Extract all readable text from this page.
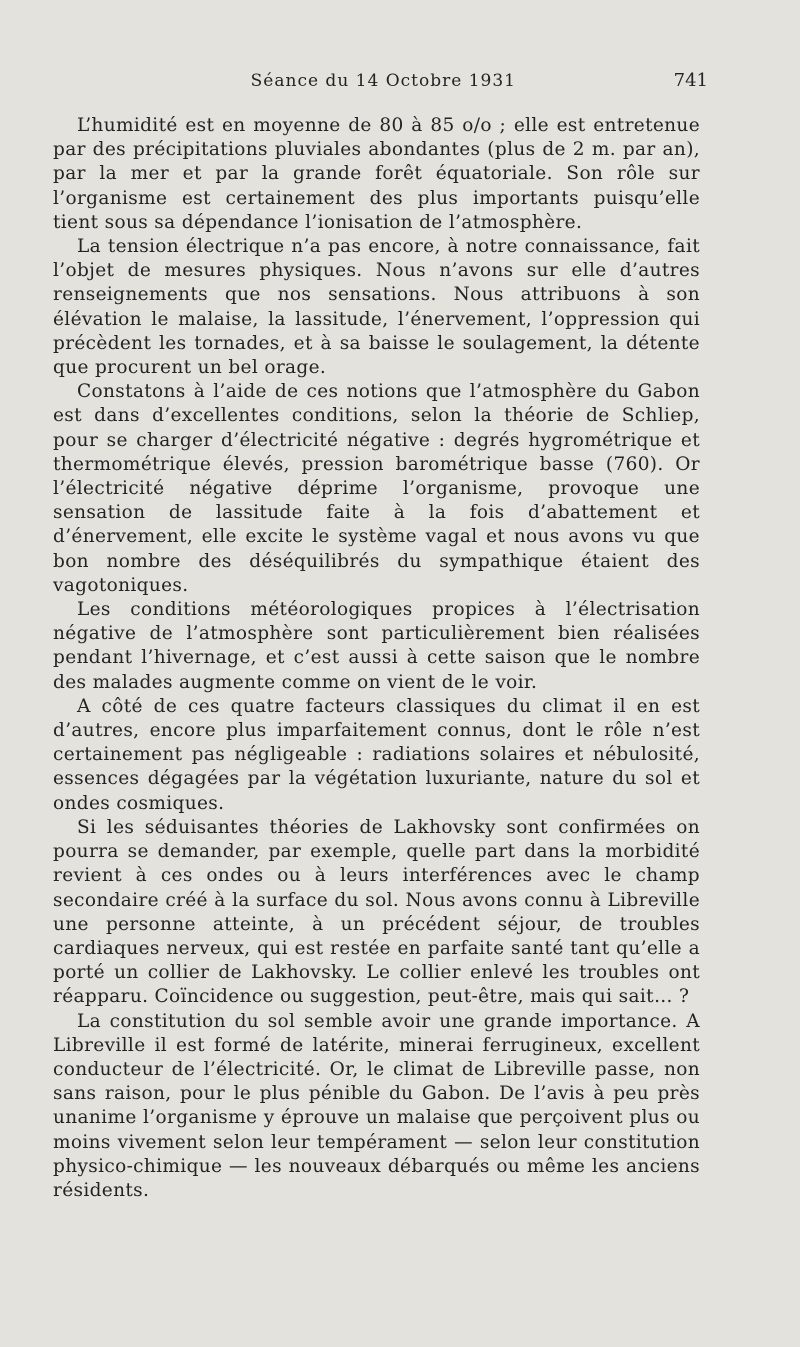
Séance du 14 Octobre 1931	741

L’humidité est en moyenne de 80 à 85 o/o ; elle est entretenue par des précipitations pluviales abondantes (plus de 2 m. par an), par la mer et par la grande forêt équatoriale. Son rôle sur l’organisme est certainement des plus importants puisqu’elle tient sous sa dépendance l’ionisation de l’atmosphère.

La tension électrique n’a pas encore, à notre connaissance, fait l’objet de mesures physiques. Nous n’avons sur elle d’autres renseignements que nos sensations. Nous attribuons à son élévation le malaise, la lassitude, l’énervement, l’oppression qui précèdent les tornades, et à sa baisse le soulagement, la détente que procurent un bel orage.

Constatons à l’aide de ces notions que l’atmosphère du Gabon est dans d’excellentes conditions, selon la théorie de Schliep, pour se charger d’électricité négative : degrés hygrométrique et thermométrique élevés, pression barométrique basse (760). Or l’électricité négative déprime l’organisme, provoque une sensation de lassitude faite à la fois d’abattement et d’énervement, elle excite le système vagal et nous avons vu que bon nombre des déséquilibrés du sympathique étaient des vagotoniques.

Les conditions météorologiques propices à l’électrisation négative de l’atmosphère sont particulièrement bien réalisées pendant l’hivernage, et c’est aussi à cette saison que le nombre des malades augmente comme on vient de le voir.

A côté de ces quatre facteurs classiques du climat il en est d’autres, encore plus imparfaitement connus, dont le rôle n’est certainement pas négligeable : radiations solaires et nébulosité, essences dégagées par la végétation luxuriante, nature du sol et ondes cosmiques.

Si les séduisantes théories de Lakhovsky sont confirmées on pourra se demander, par exemple, quelle part dans la morbidité revient à ces ondes ou à leurs interférences avec le champ secondaire créé à la surface du sol. Nous avons connu à Libreville une personne atteinte, à un précédent séjour, de troubles cardiaques nerveux, qui est restée en parfaite santé tant qu’elle a porté un collier de Lakhovsky. Le collier enlevé les troubles ont réapparu. Coïncidence ou suggestion, peut-être, mais qui sait… ?

La constitution du sol semble avoir une grande importance. A Libreville il est formé de latérite, minerai ferrugineux, excellent conducteur de l’électricité. Or, le climat de Libreville passe, non sans raison, pour le plus pénible du Gabon. De l’avis à peu près unanime l’organisme y éprouve un malaise que perçoivent plus ou moins vivement selon leur tempérament — selon leur constitution physico-chimique — les nouveaux débarqués ou même les anciens résidents.
